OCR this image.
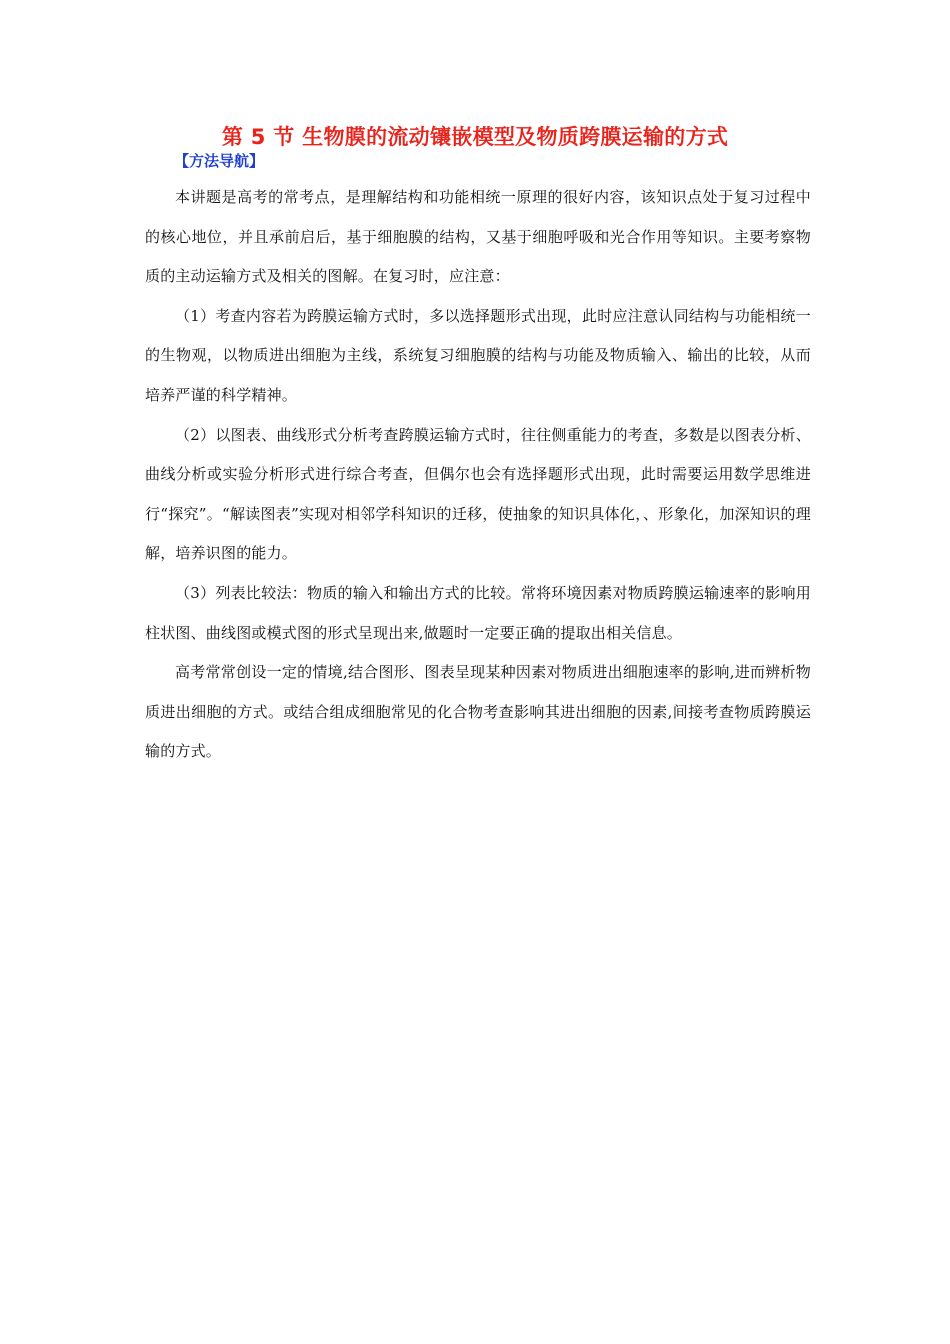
第 5 节 生物膜的流动镶嵌模型及物质跨膜运输的方式
【方法导航】

本讲题是高考的常考点，是理解结构和功能相统一原理的很好内容，该知识点处于复习过程中的核心地位，并且承前启后，基于细胞膜的结构，又基于细胞呼吸和光合作用等知识。主要考察物质的主动运输方式及相关的图解。在复习时，应注意：

（1）考查内容若为跨膜运输方式时，多以选择题形式出现，此时应注意认同结构与功能相统一的生物观，以物质进出细胞为主线，系统复习细胞膜的结构与功能及物质输入、输出的比较，从而培养严谨的科学精神。

（2）以图表、曲线形式分析考查跨膜运输方式时，往往侧重能力的考查，多数是以图表分析、曲线分析或实验分析形式进行综合考查，但偶尔也会有选择题形式出现，此时需要运用数学思维进行“探究”。“解读图表”实现对相邻学科知识的迁移，使抽象的知识具体化，、形象化，加深知识的理解，培养识图的能力。

（3）列表比较法：物质的输入和输出方式的比较。常将环境因素对物质跨膜运输速率的影响用柱状图、曲线图或模式图的形式呈现出来,做题时一定要正确的提取出相关信息。

高考常常创设一定的情境,结合图形、图表呈现某种因素对物质进出细胞速率的影响,进而辨析物质进出细胞的方式。或结合组成细胞常见的化合物考查影响其进出细胞的因素,间接考查物质跨膜运输的方式。
